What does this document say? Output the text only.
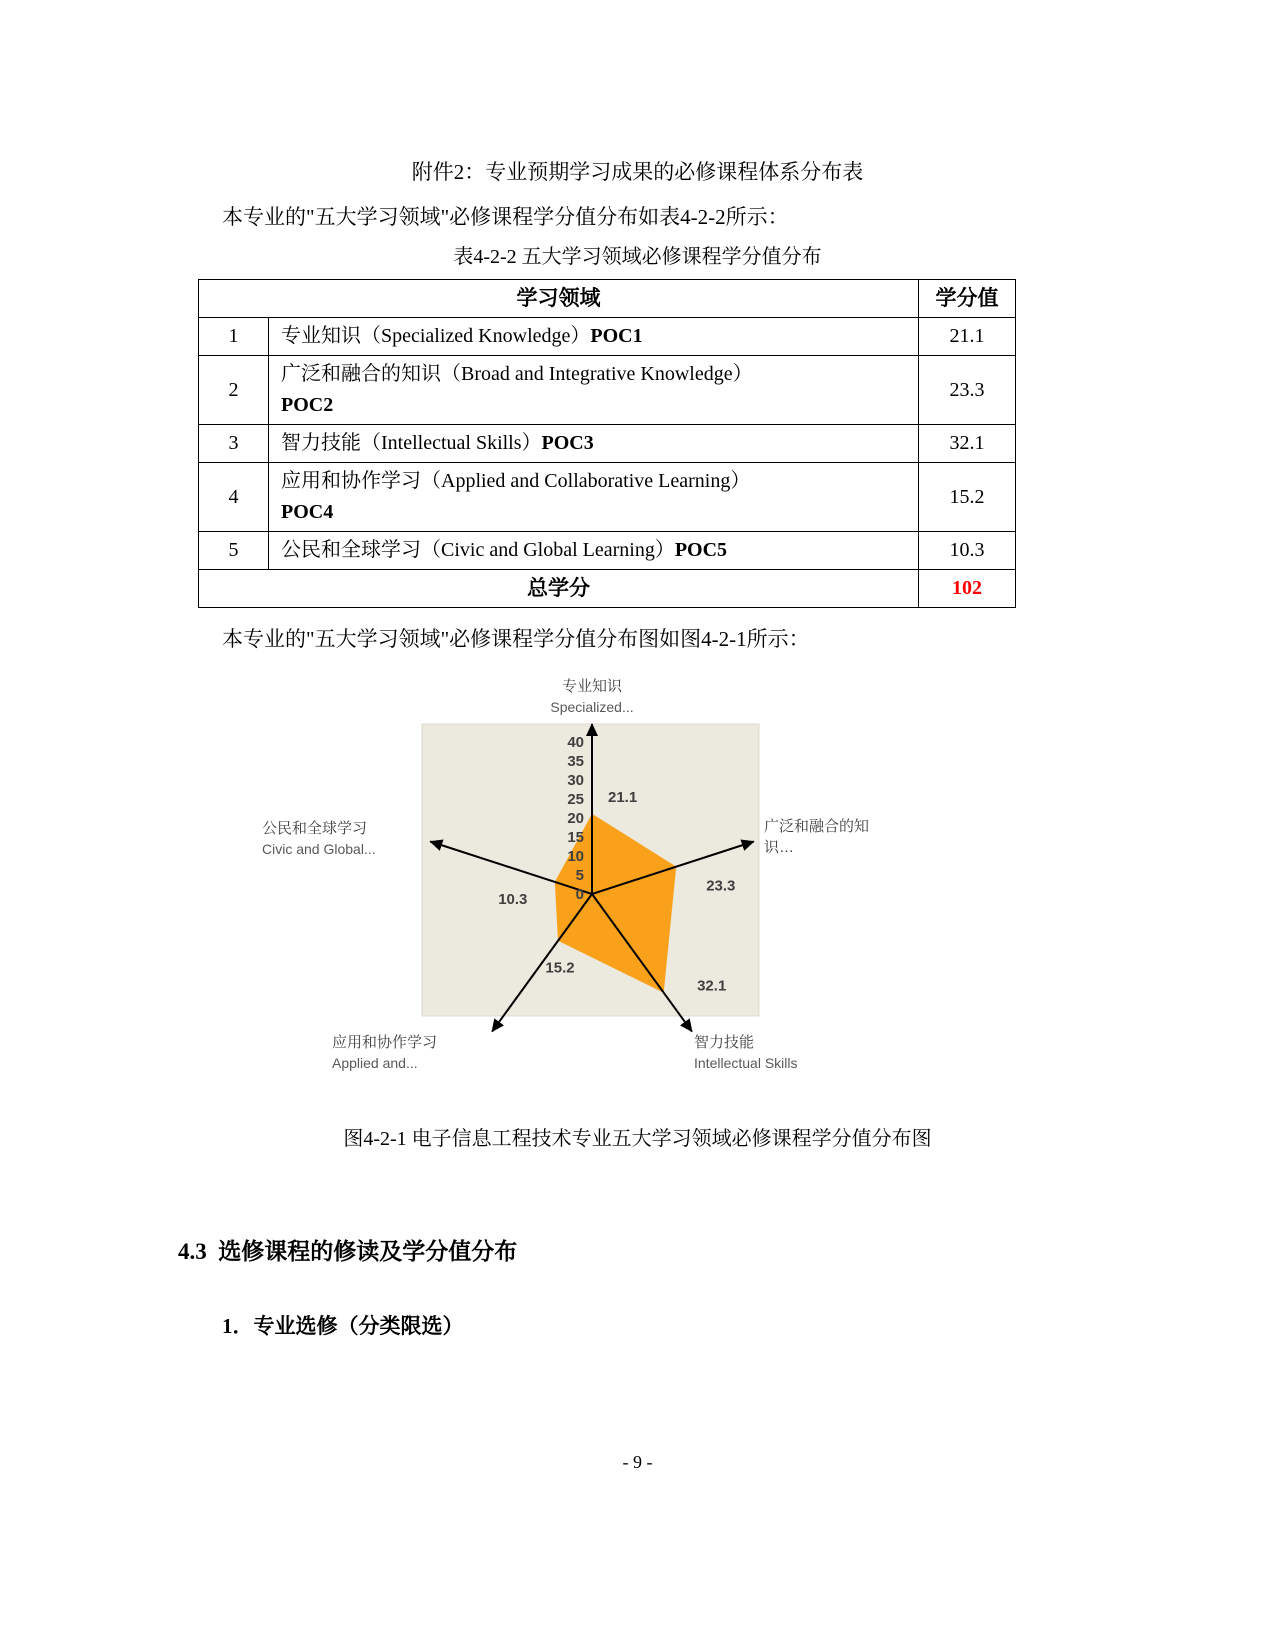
附件2：专业预期学习成果的必修课程体系分布表
本专业的"五大学习领域"必修课程学分值分布如表4-2-2所示：
表4-2-2 五大学习领域必修课程学分值分布
学习领域		学分值
1	专业知识（Specialized Knowledge）POC1	21.1
2	广泛和融合的知识（Broad and Integrative Knowledge）
POC2	23.3
3	智力技能（Intellectual Skills）POC3	32.1
4	应用和协作学习（Applied and Collaborative Learning）
POC4	15.2
5	公民和全球学习（Civic and Global Learning）POC5	10.3
总学分		102
本专业的"五大学习领域"必修课程学分值分布图如图4-2-1所示：
0
5
10
15
20
25
30
35
40
21.1
23.3
32.1
15.2
10.3
专业知识
Specialized...
广泛和融合的知识…
智力技能
Intellectual Skills
应用和协作学习
Applied and...
公民和全球学习
Civic and Global...
图4-2-1 电子信息工程技术专业五大学习领域必修课程学分值分布图
4.3  选修课程的修读及学分值分布
1．专业选修（分类限选）
- 9 -
